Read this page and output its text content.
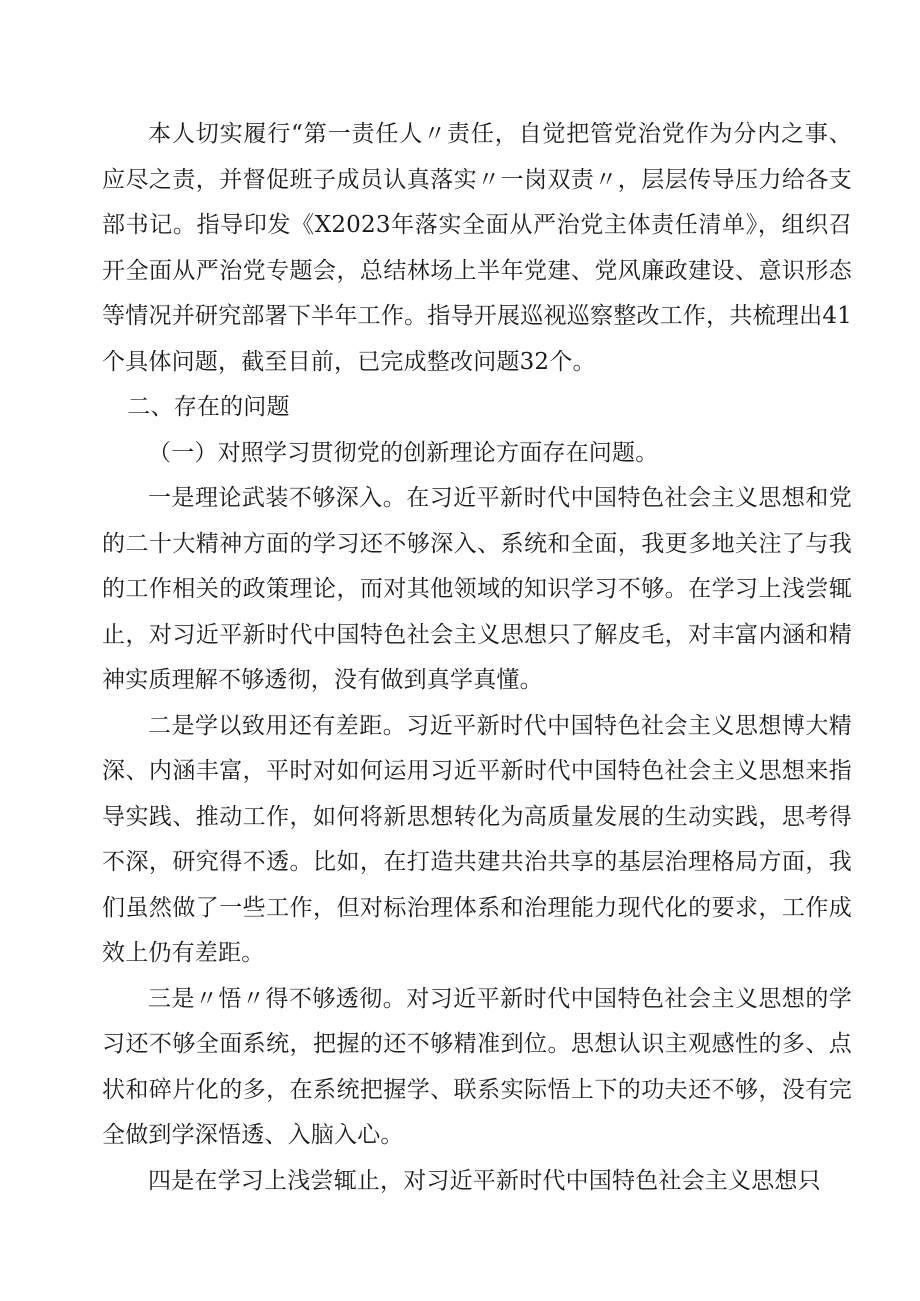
本人切实履行“第一责任人〃责任，自觉把管党治党作为分内之事、应尽之责，并督促班子成员认真落实〃一岗双责〃，层层传导压力给各支部书记。指导印发《X2023年落实全面从严治党主体责任清单》，组织召开全面从严治党专题会，总结林场上半年党建、党风廉政建设、意识形态等情况并研究部署下半年工作。指导开展巡视巡察整改工作，共梳理出41个具体问题，截至目前，已完成整改问题32个。

二、存在的问题

（一）对照学习贯彻党的创新理论方面存在问题。

一是理论武装不够深入。在习近平新时代中国特色社会主义思想和党的二十大精神方面的学习还不够深入、系统和全面，我更多地关注了与我的工作相关的政策理论，而对其他领域的知识学习不够。在学习上浅尝辄止，对习近平新时代中国特色社会主义思想只了解皮毛，对丰富内涵和精神实质理解不够透彻，没有做到真学真懂。

二是学以致用还有差距。习近平新时代中国特色社会主义思想博大精深、内涵丰富，平时对如何运用习近平新时代中国特色社会主义思想来指导实践、推动工作，如何将新思想转化为高质量发展的生动实践，思考得不深，研究得不透。比如，在打造共建共治共享的基层治理格局方面，我们虽然做了一些工作，但对标治理体系和治理能力现代化的要求，工作成效上仍有差距。

三是〃悟〃得不够透彻。对习近平新时代中国特色社会主义思想的学习还不够全面系统，把握的还不够精准到位。思想认识主观感性的多、点状和碎片化的多，在系统把握学、联系实际悟上下的功夫还不够，没有完全做到学深悟透、入脑入心。

四是在学习上浅尝辄止，对习近平新时代中国特色社会主义思想只
